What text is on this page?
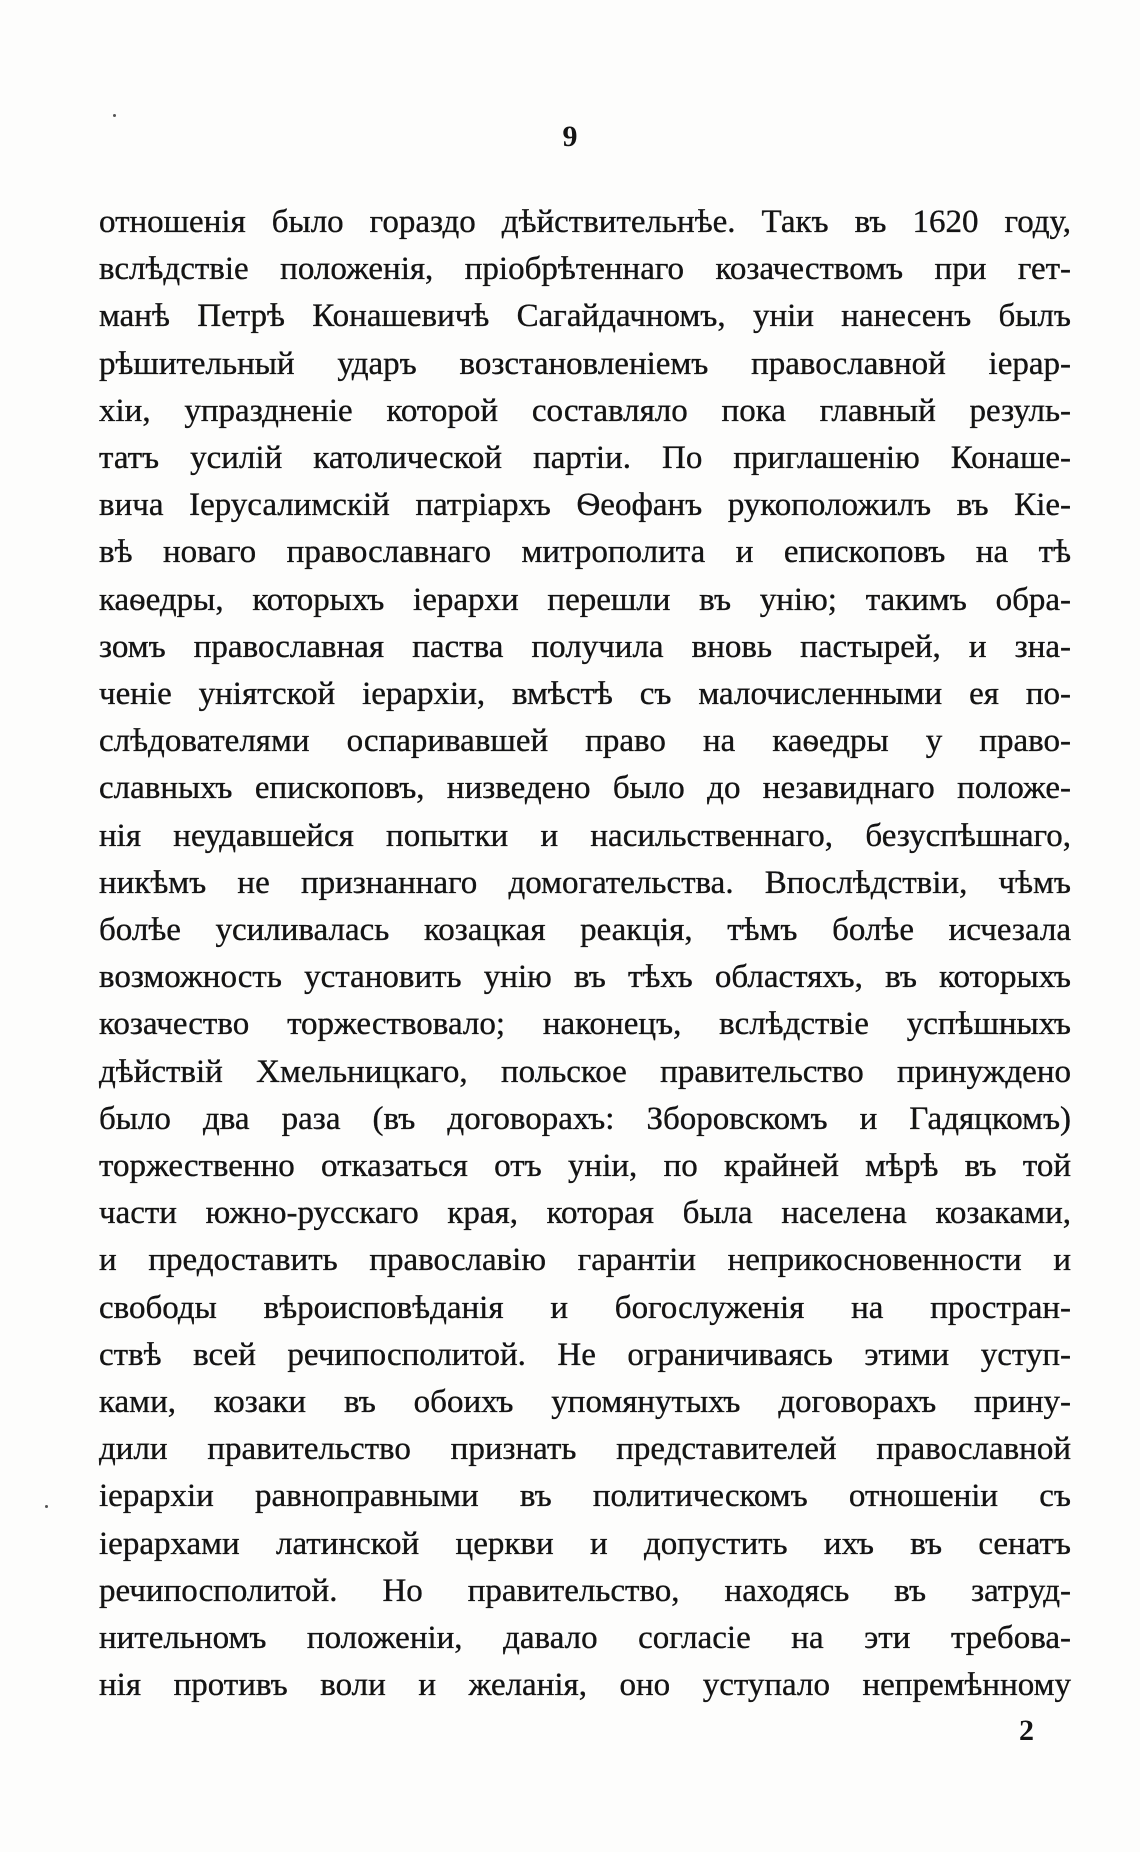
9
отношенія было гораздо дѣйствительнѣе. Такъ въ 1620 году,
вслѣдствіе положенія, пріобрѣтеннаго козачествомъ при гет-
манѣ Петрѣ Конашевичѣ Сагайдачномъ, уніи нанесенъ былъ
рѣшительный ударъ возстановленіемъ православной іерар-
хіи, упраздненіе которой составляло пока главный резуль-
татъ усилій католической партіи. По приглашенію Конаше-
вича Іерусалимскій патріархъ Ѳеофанъ рукоположилъ въ Кіе-
вѣ новаго православнаго митрополита и епископовъ на тѣ
каѳедры, которыхъ іерархи перешли въ унію; такимъ обра-
зомъ православная паства получила вновь пастырей, и зна-
ченіе уніятской іерархіи, вмѣстѣ съ малочисленными ея по-
слѣдователями оспаривавшей право на каѳедры у право-
славныхъ епископовъ, низведено было до незавиднаго положе-
нія неудавшейся попытки и насильственнаго, безуспѣшнаго,
никѣмъ не признаннаго домогательства. Впослѣдствіи, чѣмъ
болѣе усиливалась козацкая реакція, тѣмъ болѣе исчезала
возможность установить унію въ тѣхъ областяхъ, въ которыхъ
козачество торжествовало; наконецъ, вслѣдствіе успѣшныхъ
дѣйствій Хмельницкаго, польское правительство принуждено
было два раза (въ договорахъ: Зборовскомъ и Гадяцкомъ)
торжественно отказаться отъ уніи, по крайней мѣрѣ въ той
части южно-русскаго края, которая была населена козаками,
и предоставить православію гарантіи неприкосновенности и
свободы вѣроисповѣданія и богослуженія на простран-
ствѣ всей речипосполитой. Не ограничиваясь этими уступ-
ками, козаки въ обоихъ упомянутыхъ договорахъ прину-
дили правительство признать представителей православной
іерархіи равноправными въ политическомъ отношеніи съ
іерархами латинской церкви и допустить ихъ въ сенатъ
речипосполитой. Но правительство, находясь въ затруд-
нительномъ положеніи, давало согласіе на эти требова-
нія противъ воли и желанія, оно уступало непремѣнному
2
